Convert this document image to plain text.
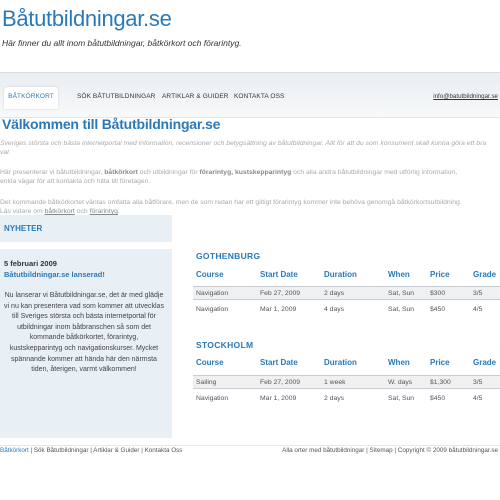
Båtutbildningar.se
Här finner du allt inom båtutbildningar, båtkörkort och förarintyg.
BÅTKÖRKORT	SÖK BÅTUTBILDNINGAR ARTIKLAR & GUIDER KONTAKTA OSS	info@batutbildningar.se
Välkommen till Båtutbildningar.se
Sveriges största och bästa internetportal med information, recensioner och betygsättning av båtutbildningar. Allt för att du som konsument skall kunna göra ett bra
val.
Här presenterar vi båtutbildningar, båtkörkort och utbildningar för förarintyg, kustskepparintyg och alla andra båtutbildningar med utförlig information,
enkla vägar för att kontakta och hitta till företagen.
Det kommande båtkörkortet väntas omfatta alla båtförare, men de som redan har ett giltigt förarintyg kommer inte behöva genomgå båtkörkortsutbildning.
Läs vidare om båtkörkort och förarintyg.
NYHETER
5 februari 2009
Båtutbildningar.se lanserad!
Nu lanserar vi Båtutbildningar.se, det är med glädje vi nu kan presentera vad som kommer att utvecklas till Sveriges största och bästa internetportal för utbildningar inom båtbranschen så som det kommande båtkörkortet, förarintyg, kustskepparintyg och navigationskurser. Mycket spännande kommer att hända här den närmsta tiden, återigen, varmt välkommen!
GOTHENBURG
Course	Start Date	Duration	When	Price	Grade
Navigation	Feb 27, 2009	2 days	Sat, Sun $300	3/5
Navigation	Mar 1, 2009	4 days	Sat, Sun $450	4/5
STOCKHOLM
Course	Start Date	Duration	When	Price	Grade
Sailing	Feb 27, 2009	1 week	W. days	$1,300	3/5
Navigation	Mar 1, 2009	2 days	Sat, Sun $450	4/5
Båtkörkort | Sök Båtutbildningar | Artiklar & Guider | Kontakta Oss	Alla orter med båtutbildningar | Sitemap | Copyright © 2009 båtutbildningar.se
